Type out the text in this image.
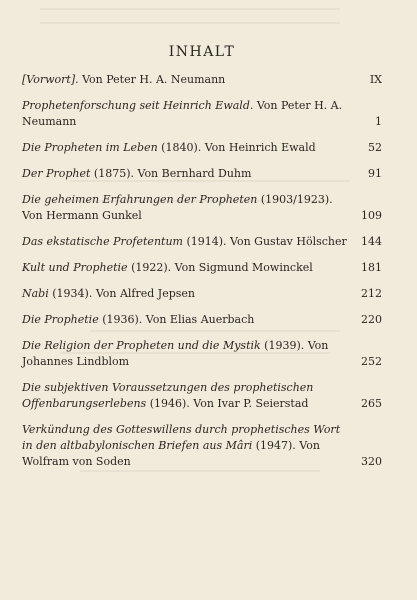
INHALT
[Vorwort]. Von Peter H. A. Neumann	IX
Prophetenforschung seit Heinrich Ewald. Von Peter H. A. Neumann	1
Die Propheten im Leben (1840). Von Heinrich Ewald	52
Der Prophet (1875). Von Bernhard Duhm	91
Die geheimen Erfahrungen der Propheten (1903/1923). Von Hermann Gunkel	109
Das ekstatische Profetentum (1914). Von Gustav Hölscher	144
Kult und Prophetie (1922). Von Sigmund Mowinckel	181
Nabi (1934). Von Alfred Jepsen	212
Die Prophetie (1936). Von Elias Auerbach	220
Die Religion der Propheten und die Mystik (1939). Von Johannes Lindblom	252
Die subjektiven Voraussetzungen des prophetischen Offenbarungserlebens (1946). Von Ivar P. Seierstad	265
Verkündung des Gotteswillens durch prophetisches Wort in den altbabylonischen Briefen aus Mâri (1947). Von Wolfram von Soden	320
